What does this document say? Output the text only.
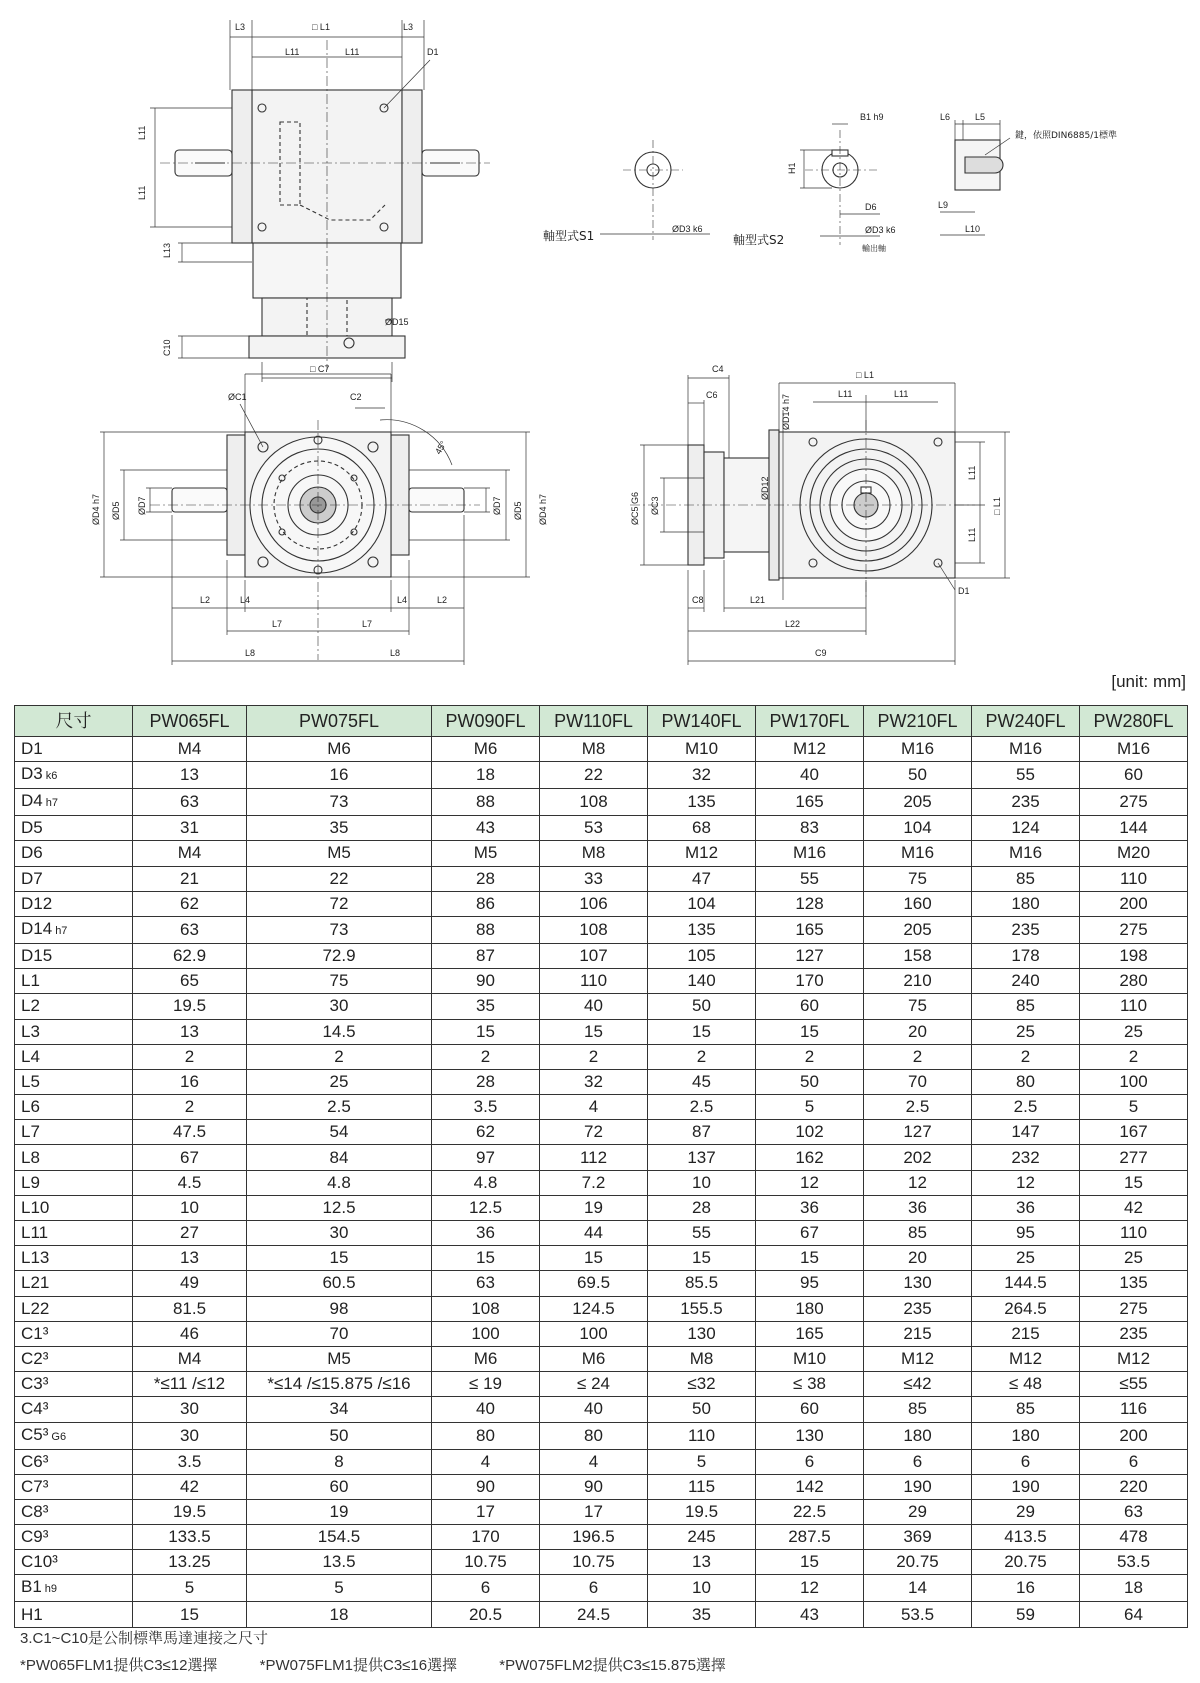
L3	□ L1	L3
L11	L11	D1
L11
L11
L13
ØD15
C10
□ C7
軸型式S1	ØD3 k6
軸型式S2
H1
B1 h9
D6
ØD3 k6
輸出軸
L6	L5
鍵，依照DIN6885/1標準
L9
L10
ØC1	C2
45°
ØD4 h7 ØD5 ØD7	ØD7 ØD5 ØD4 h7
L2	L4	L4	L2
L7	L7
L8	L8
C4
C6	ØD14 h7
□ L1
L11	L11
ØC5 G6 ØC3
ØD12
L11
L11
□ L1
D1
C8	L21
L22
C9
[unit: mm]
尺寸	PW065FL	PW075FL	PW090FL	PW110FL	PW140FL	PW170FL	PW210FL	PW240FL	PW280FL
D1	M4	M6	M6	M8	M10	M12	M16	M16	M16
D3 k6	13	16	18	22	32	40	50	55	60
D4 h7	63	73	88	108	135	165	205	235	275
D5	31	35	43	53	68	83	104	124	144
D6	M4	M5	M5	M8	M12	M16	M16	M16	M20
D7	21	22	28	33	47	55	75	85	110
D12	62	72	86	106	104	128	160	180	200
D14 h7	63	73	88	108	135	165	205	235	275
D15	62.9	72.9	87	107	105	127	158	178	198
L1	65	75	90	110	140	170	210	240	280
L2	19.5	30	35	40	50	60	75	85	110
L3	13	14.5	15	15	15	15	20	25	25
L4	2	2	2	2	2	2	2	2	2
L5	16	25	28	32	45	50	70	80	100
L6	2	2.5	3.5	4	2.5	5	2.5	2.5	5
L7	47.5	54	62	72	87	102	127	147	167
L8	67	84	97	112	137	162	202	232	277
L9	4.5	4.8	4.8	7.2	10	12	12	12	15
L10	10	12.5	12.5	19	28	36	36	36	42
L11	27	30	36	44	55	67	85	95	110
L13	13	15	15	15	15	15	20	25	25
L21	49	60.5	63	69.5	85.5	95	130	144.5	135
L22	81.5	98	108	124.5	155.5	180	235	264.5	275
C1³	46	70	100	100	130	165	215	215	235
C2³	M4	M5	M6	M6	M8	M10	M12	M12	M12
C3³	*≤11 /≤12	*≤14 /≤15.875 /≤16	≤ 19	≤ 24	≤32	≤ 38	≤42	≤ 48	≤55
C4³	30	34	40	40	50	60	85	85	116
C5³ G6	30	50	80	80	110	130	180	180	200
C6³	3.5	8	4	4	5	6	6	6	6
C7³	42	60	90	90	115	142	190	190	220
C8³	19.5	19	17	17	19.5	22.5	29	29	63
C9³	133.5	154.5	170	196.5	245	287.5	369	413.5	478
C10³	13.25	13.5	10.75	10.75	13	15	20.75	20.75	53.5
B1 h9	5	5	6	6	10	12	14	16	18
H1	15	18	20.5	24.5	35	43	53.5	59	64
3.C1~C10是公制標準馬達連接之尺寸
*PW065FLM1提供C3≤12選擇	*PW075FLM1提供C3≤16選擇	*PW075FLM2提供C3≤15.875選擇
